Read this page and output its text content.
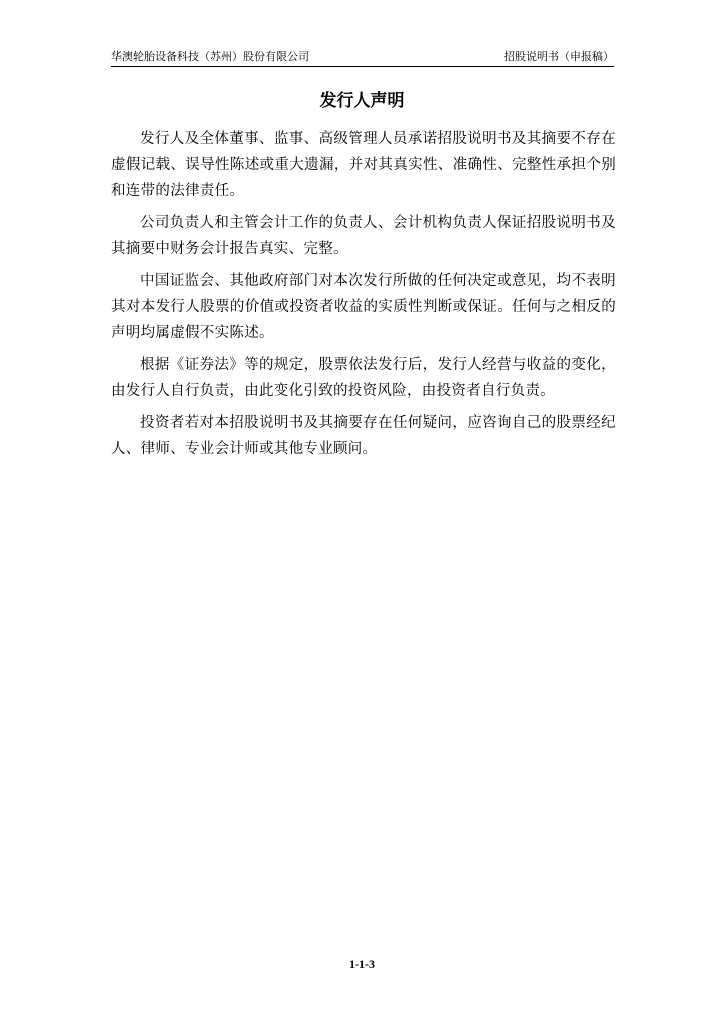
华澳轮胎设备科技（苏州）股份有限公司	招股说明书（申报稿）
发行人声明

发行人及全体董事、监事、高级管理人员承诺招股说明书及其摘要不存在虚假记载、误导性陈述或重大遗漏，并对其真实性、准确性、完整性承担个别和连带的法律责任。

公司负责人和主管会计工作的负责人、会计机构负责人保证招股说明书及其摘要中财务会计报告真实、完整。

中国证监会、其他政府部门对本次发行所做的任何决定或意见，均不表明其对本发行人股票的价值或投资者收益的实质性判断或保证。任何与之相反的声明均属虚假不实陈述。

根据《证券法》等的规定，股票依法发行后，发行人经营与收益的变化，由发行人自行负责，由此变化引致的投资风险，由投资者自行负责。

投资者若对本招股说明书及其摘要存在任何疑问，应咨询自己的股票经纪人、律师、专业会计师或其他专业顾问。

1-1-3
